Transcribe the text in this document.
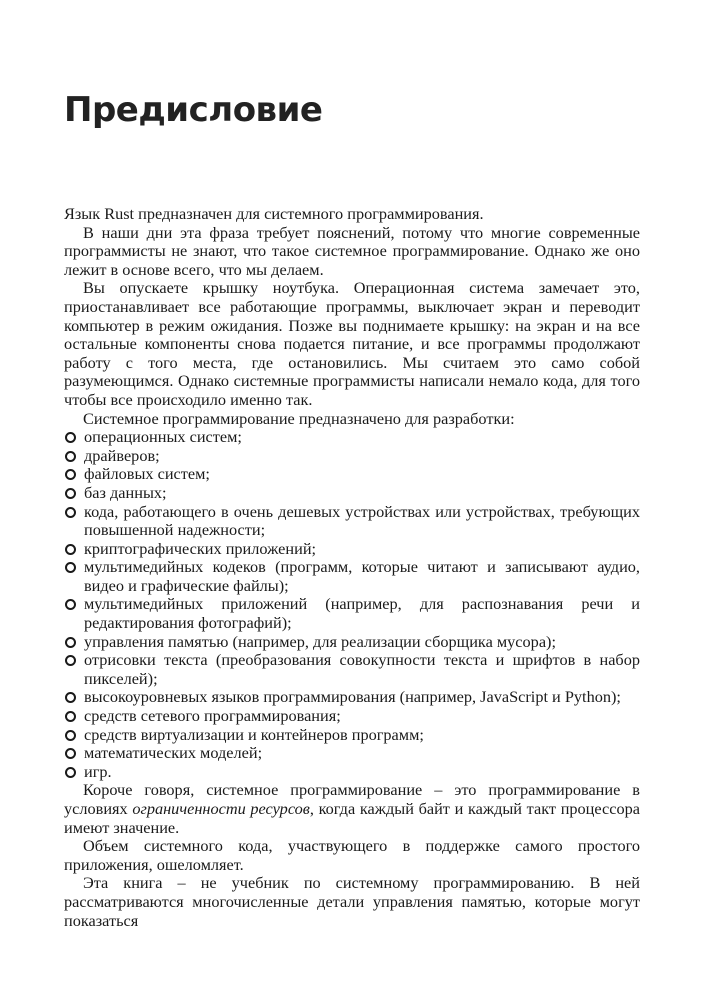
Предисловие

Язык Rust предназначен для системного программирования.

В наши дни эта фраза требует пояснений, потому что многие современные программисты не знают, что такое системное программирование. Однако же оно лежит в основе всего, что мы делаем.

Вы опускаете крышку ноутбука. Операционная система замечает это, приостанавливает все работающие программы, выключает экран и переводит компьютер в режим ожидания. Позже вы поднимаете крышку: на экран и на все остальные компоненты снова подается питание, и все программы продолжают работу с того места, где остановились. Мы считаем это само собой разумеющимся. Однако системные программисты написали немало кода, для того чтобы все происходило именно так.

Системное программирование предназначено для разработки:

операционных систем;
драйверов;
файловых систем;
баз данных;
кода, работающего в очень дешевых устройствах или устройствах, требующих повышенной надежности;
криптографических приложений;
мультимедийных кодеков (программ, которые читают и записывают аудио, видео и графические файлы);
мультимедийных приложений (например, для распознавания речи и редактирования фотографий);
управления памятью (например, для реализации сборщика мусора);
отрисовки текста (преобразования совокупности текста и шрифтов в набор пикселей);
высокоуровневых языков программирования (например, JavaScript и Python);
средств сетевого программирования;
средств виртуализации и контейнеров программ;
математических моделей;
игр.

Короче говоря, системное программирование – это программирование в условиях ограниченности ресурсов, когда каждый байт и каждый такт процессора имеют значение.

Объем системного кода, участвующего в поддержке самого простого приложения, ошеломляет.

Эта книга – не учебник по системному программированию. В ней рассматриваются многочисленные детали управления памятью, которые могут показаться
